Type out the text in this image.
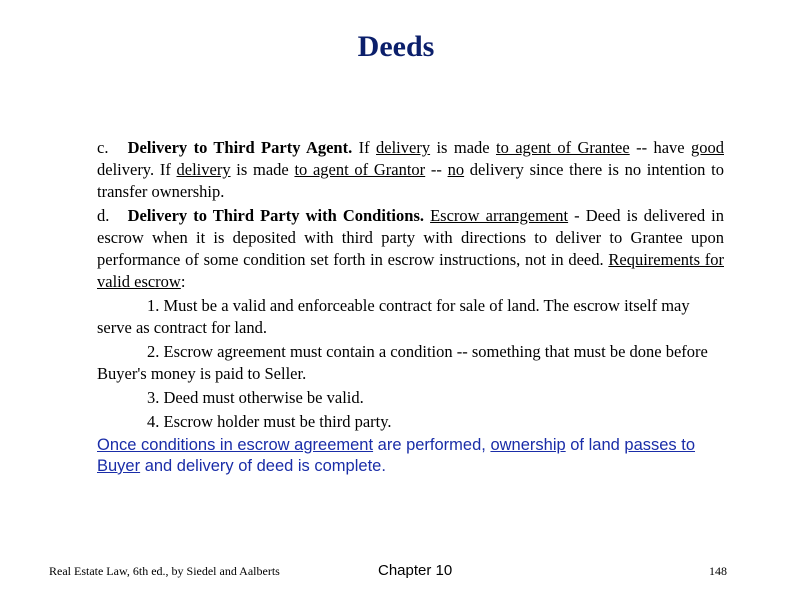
Deeds

c. Delivery to Third Party Agent. If delivery is made to agent of Grantee -- have good delivery. If delivery is made to agent of Grantor -- no delivery since there is no intention to transfer ownership.

d. Delivery to Third Party with Conditions. Escrow arrangement - Deed is delivered in escrow when it is deposited with third party with directions to deliver to Grantee upon performance of some condition set forth in escrow instructions, not in deed. Requirements for valid escrow:

1. Must be a valid and enforceable contract for sale of land. The escrow itself may serve as contract for land.

2. Escrow agreement must contain a condition -- something that must be done before Buyer's money is paid to Seller.

3. Deed must otherwise be valid.

4. Escrow holder must be third party.

Once conditions in escrow agreement are performed, ownership of land passes to Buyer and delivery of deed is complete.

Real Estate Law, 6th ed., by Siedel and Aalberts	Chapter 10	148
